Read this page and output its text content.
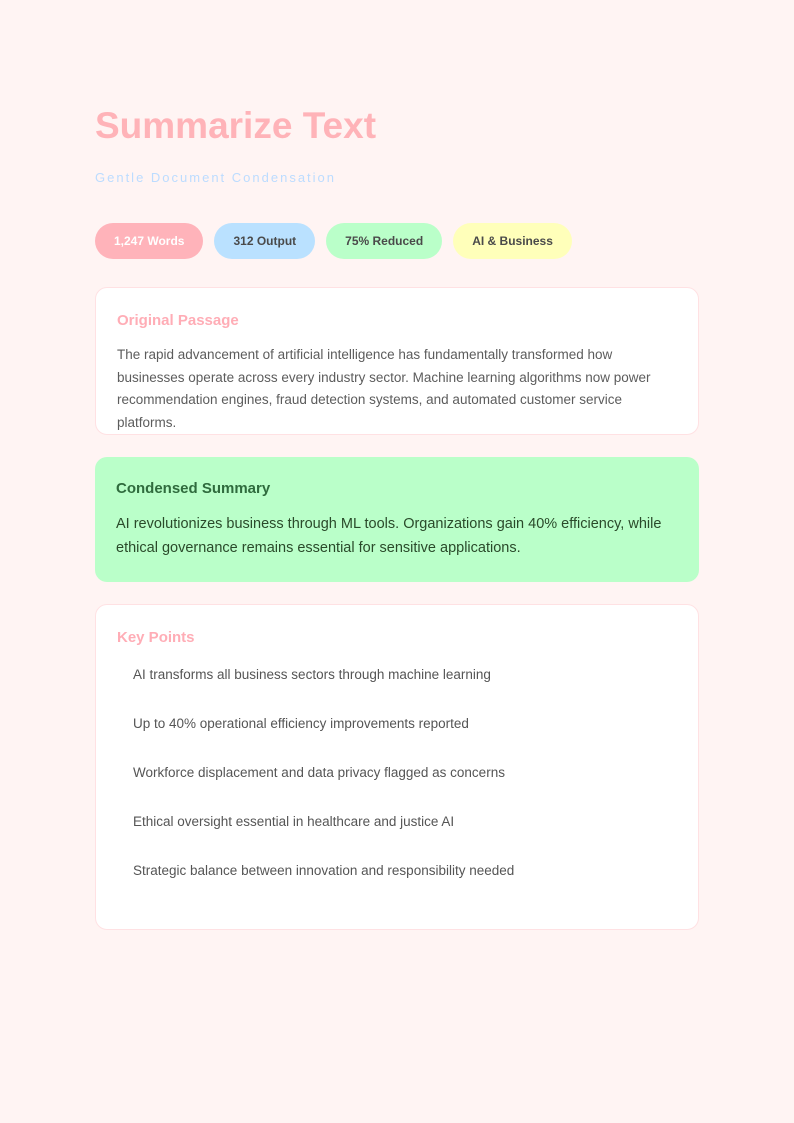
Summarize Text
Gentle Document Condensation
1,247 Words	312 Output	75% Reduced	AI & Business
Original Passage
The rapid advancement of artificial intelligence has fundamentally transformed how businesses operate across every industry sector. Machine learning algorithms now power recommendation engines, fraud detection systems, and automated customer service platforms.
Condensed Summary
AI revolutionizes business through ML tools. Organizations gain 40% efficiency, while ethical governance remains essential for sensitive applications.
Key Points
AI transforms all business sectors through machine learning
Up to 40% operational efficiency improvements reported
Workforce displacement and data privacy flagged as concerns
Ethical oversight essential in healthcare and justice AI
Strategic balance between innovation and responsibility needed
